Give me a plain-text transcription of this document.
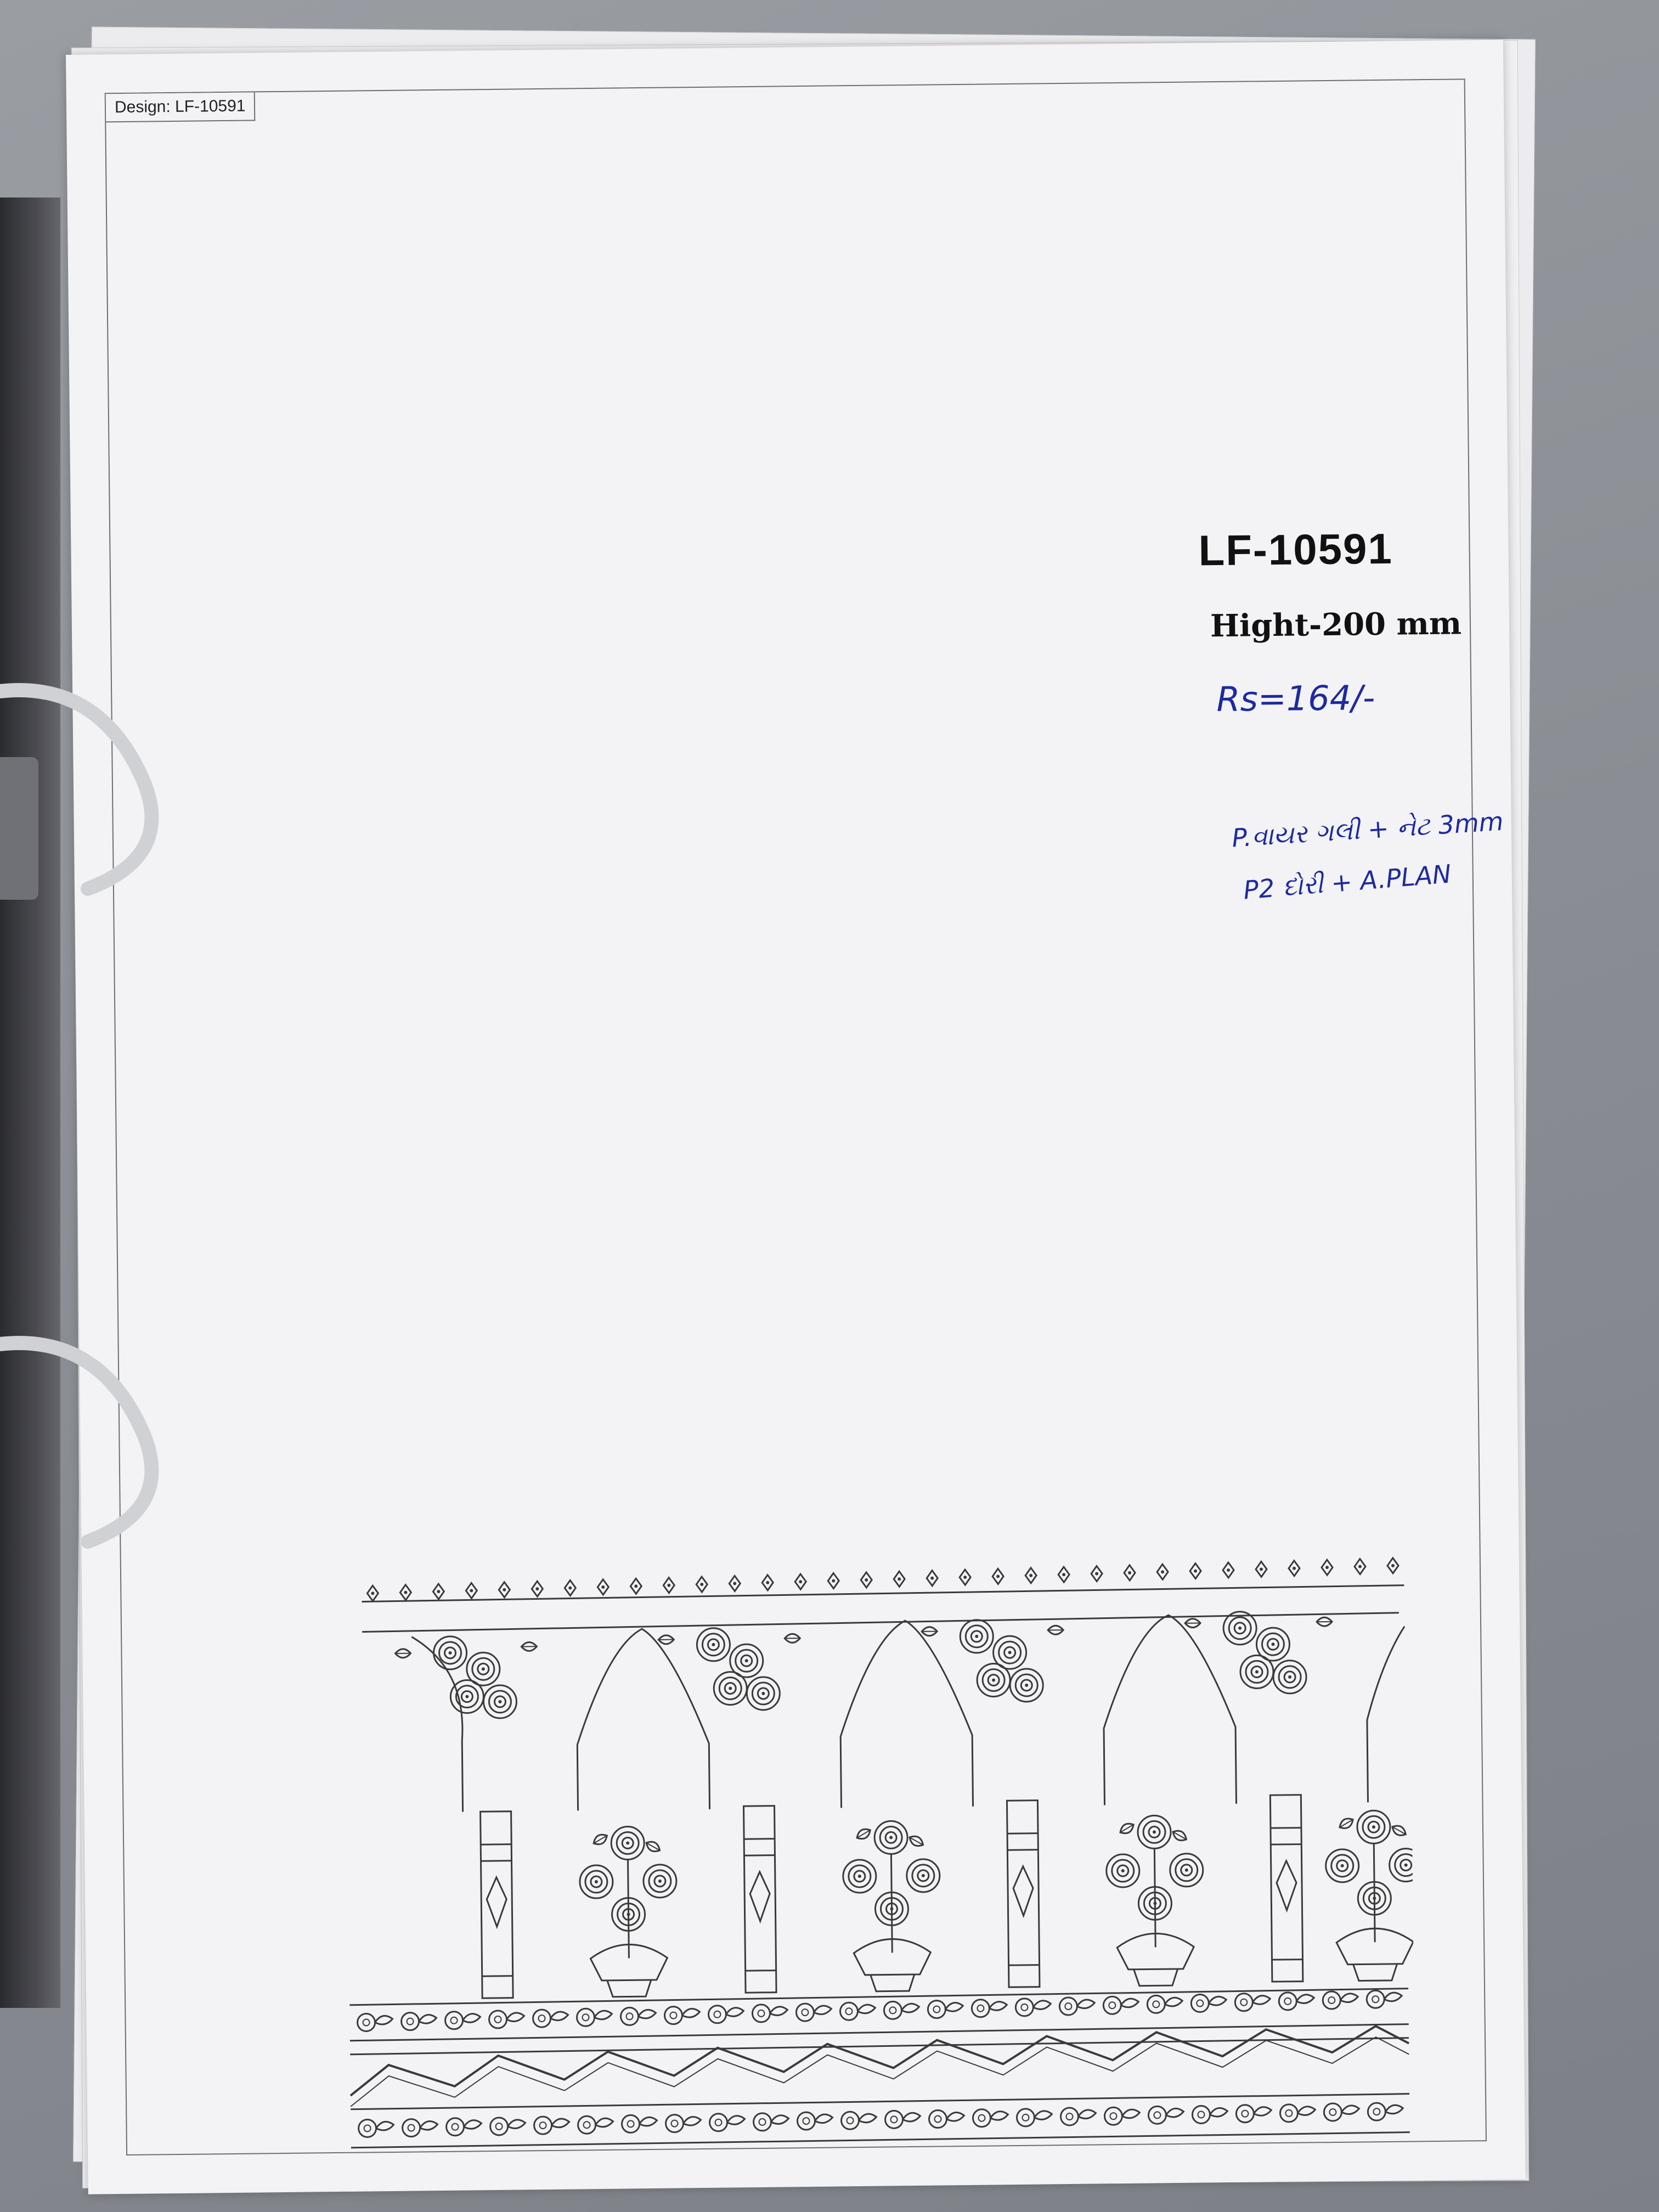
Design: LF-10591
LF-10591
Hight-200 mm
Rs=164/-
P.વાયર ગલી + નેટ 3mm
P2 દોરી + A.PLAN
